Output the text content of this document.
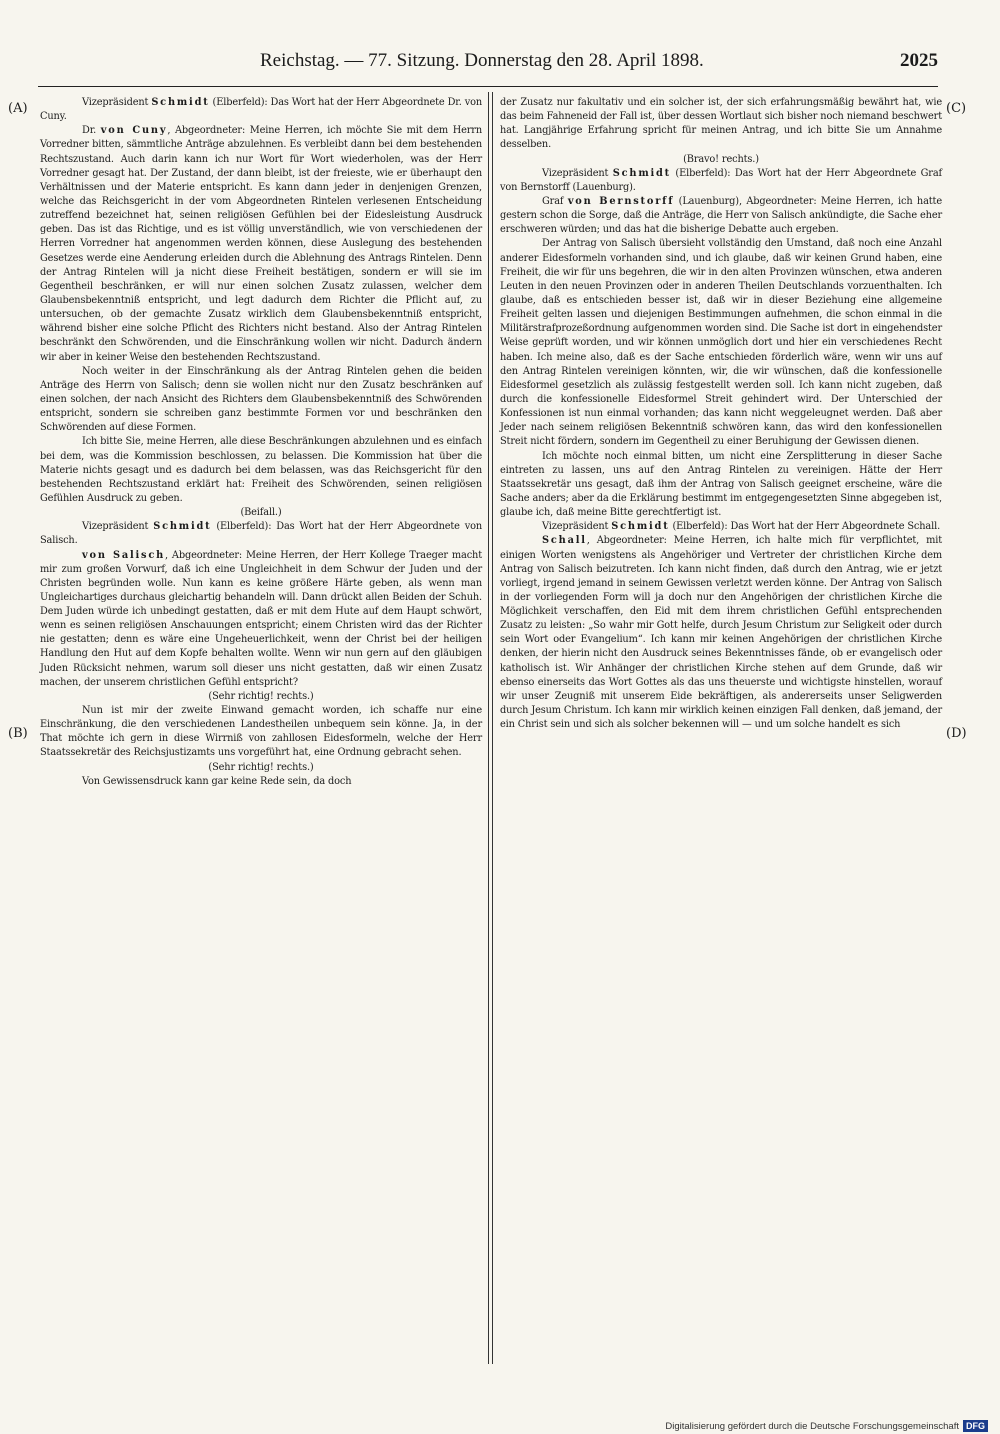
Reichstag. — 77. Sitzung. Donnerstag den 28. April 1898.	2025
(A)
(B)
(C)
(D)

Vizepräsident Schmidt (Elberfeld): Das Wort hat der Herr Abgeordnete Dr. von Cuny.

Dr. von Cuny, Abgeordneter: Meine Herren, ich möchte Sie mit dem Herrn Vorredner bitten, sämmtliche Anträge abzulehnen. Es verbleibt dann bei dem bestehenden Rechtszustand. Auch darin kann ich nur Wort für Wort wiederholen, was der Herr Vorredner gesagt hat. Der Zustand, der dann bleibt, ist der freieste, wie er überhaupt den Verhältnissen und der Materie entspricht. Es kann dann jeder in denjenigen Grenzen, welche das Reichsgericht in der vom Abgeordneten Rintelen verlesenen Entscheidung zutreffend bezeichnet hat, seinen religiösen Gefühlen bei der Eidesleistung Ausdruck geben. Das ist das Richtige, und es ist völlig unverständlich, wie von verschiedenen der Herren Vorredner hat angenommen werden können, diese Auslegung des bestehenden Gesetzes werde eine Aenderung erleiden durch die Ablehnung des Antrags Rintelen. Denn der Antrag Rintelen will ja nicht diese Freiheit bestätigen, sondern er will sie im Gegentheil beschränken, er will nur einen solchen Zusatz zulassen, welcher dem Glaubensbekenntniß entspricht, und legt dadurch dem Richter die Pflicht auf, zu untersuchen, ob der gemachte Zusatz wirklich dem Glaubensbekenntniß entspricht, während bisher eine solche Pflicht des Richters nicht bestand. Also der Antrag Rintelen beschränkt den Schwörenden, und die Einschränkung wollen wir nicht. Dadurch ändern wir aber in keiner Weise den bestehenden Rechtszustand.

Noch weiter in der Einschränkung als der Antrag Rintelen gehen die beiden Anträge des Herrn von Salisch; denn sie wollen nicht nur den Zusatz beschränken auf einen solchen, der nach Ansicht des Richters dem Glaubensbekenntniß des Schwörenden entspricht, sondern sie schreiben ganz bestimmte Formen vor und beschränken den Schwörenden auf diese Formen.

Ich bitte Sie, meine Herren, alle diese Beschränkungen abzulehnen und es einfach bei dem, was die Kommission beschlossen, zu belassen. Die Kommission hat über die Materie nichts gesagt und es dadurch bei dem belassen, was das Reichsgericht für den bestehenden Rechtszustand erklärt hat: Freiheit des Schwörenden, seinen religiösen Gefühlen Ausdruck zu geben.

(Beifall.)

Vizepräsident Schmidt (Elberfeld): Das Wort hat der Herr Abgeordnete von Salisch.

von Salisch, Abgeordneter: Meine Herren, der Herr Kollege Traeger macht mir zum großen Vorwurf, daß ich eine Ungleichheit in dem Schwur der Juden und der Christen begründen wolle. Nun kann es keine größere Härte geben, als wenn man Ungleichartiges durchaus gleichartig behandeln will. Dann drückt allen Beiden der Schuh. Dem Juden würde ich unbedingt gestatten, daß er mit dem Hute auf dem Haupt schwört, wenn es seinen religiösen Anschauungen entspricht; einem Christen wird das der Richter nie gestatten; denn es wäre eine Ungeheuerlichkeit, wenn der Christ bei der heiligen Handlung den Hut auf dem Kopfe behalten wollte. Wenn wir nun gern auf den gläubigen Juden Rücksicht nehmen, warum soll dieser uns nicht gestatten, daß wir einen Zusatz machen, der unserem christlichen Gefühl entspricht?

(Sehr richtig! rechts.)

Nun ist mir der zweite Einwand gemacht worden, ich schaffe nur eine Einschränkung, die den verschiedenen Landestheilen unbequem sein könne. Ja, in der That möchte ich gern in diese Wirrniß von zahllosen Eidesformeln, welche der Herr Staatssekretär des Reichsjustizamts uns vorgeführt hat, eine Ordnung gebracht sehen.

(Sehr richtig! rechts.)

Von Gewissensdruck kann gar keine Rede sein, da doch

der Zusatz nur fakultativ und ein solcher ist, der sich erfahrungsmäßig bewährt hat, wie das beim Fahneneid der Fall ist, über dessen Wortlaut sich bisher noch niemand beschwert hat. Langjährige Erfahrung spricht für meinen Antrag, und ich bitte Sie um Annahme desselben.

(Bravo! rechts.)

Vizepräsident Schmidt (Elberfeld): Das Wort hat der Herr Abgeordnete Graf von Bernstorff (Lauenburg).

Graf von Bernstorff (Lauenburg), Abgeordneter: Meine Herren, ich hatte gestern schon die Sorge, daß die Anträge, die Herr von Salisch ankündigte, die Sache eher erschweren würden; und das hat die bisherige Debatte auch ergeben.

Der Antrag von Salisch übersieht vollständig den Umstand, daß noch eine Anzahl anderer Eidesformeln vorhanden sind, und ich glaube, daß wir keinen Grund haben, eine Freiheit, die wir für uns begehren, die wir in den alten Provinzen wünschen, etwa anderen Leuten in den neuen Provinzen oder in anderen Theilen Deutschlands vorzuenthalten. Ich glaube, daß es entschieden besser ist, daß wir in dieser Beziehung eine allgemeine Freiheit gelten lassen und diejenigen Bestimmungen aufnehmen, die schon einmal in die Militärstrafprozeßordnung aufgenommen worden sind. Die Sache ist dort in eingehendster Weise geprüft worden, und wir können unmöglich dort und hier ein verschiedenes Recht haben. Ich meine also, daß es der Sache entschieden förderlich wäre, wenn wir uns auf den Antrag Rintelen vereinigen könnten, wir, die wir wünschen, daß die konfessionelle Eidesformel gesetzlich als zulässig festgestellt werden soll. Ich kann nicht zugeben, daß durch die konfessionelle Eidesformel Streit gehindert wird. Der Unterschied der Konfessionen ist nun einmal vorhanden; das kann nicht weggeleugnet werden. Daß aber Jeder nach seinem religiösen Bekenntniß schwören kann, das wird den konfessionellen Streit nicht fördern, sondern im Gegentheil zu einer Beruhigung der Gewissen dienen.

Ich möchte noch einmal bitten, um nicht eine Zersplitterung in dieser Sache eintreten zu lassen, uns auf den Antrag Rintelen zu vereinigen. Hätte der Herr Staatssekretär uns gesagt, daß ihm der Antrag von Salisch geeignet erscheine, wäre die Sache anders; aber da die Erklärung bestimmt im entgegengesetzten Sinne abgegeben ist, glaube ich, daß meine Bitte gerechtfertigt ist.

Vizepräsident Schmidt (Elberfeld): Das Wort hat der Herr Abgeordnete Schall.

Schall, Abgeordneter: Meine Herren, ich halte mich für verpflichtet, mit einigen Worten wenigstens als Angehöriger und Vertreter der christlichen Kirche dem Antrag von Salisch beizutreten. Ich kann nicht finden, daß durch den Antrag, wie er jetzt vorliegt, irgend jemand in seinem Gewissen verletzt werden könne. Der Antrag von Salisch in der vorliegenden Form will ja doch nur den Angehörigen der christlichen Kirche die Möglichkeit verschaffen, den Eid mit dem ihrem christlichen Gefühl entsprechenden Zusatz zu leisten: „So wahr mir Gott helfe, durch Jesum Christum zur Seligkeit oder durch sein Wort oder Evangelium“. Ich kann mir keinen Angehörigen der christlichen Kirche denken, der hierin nicht den Ausdruck seines Bekenntnisses fände, ob er evangelisch oder katholisch ist. Wir Anhänger der christlichen Kirche stehen auf dem Grunde, daß wir ebenso einerseits das Wort Gottes als das uns theuerste und wichtigste hinstellen, worauf wir unser Zeugniß mit unserem Eide bekräftigen, als andererseits unser Seligwerden durch Jesum Christum. Ich kann mir wirklich keinen einzigen Fall denken, daß jemand, der ein Christ sein und sich als solcher bekennen will — und um solche handelt es sich

Digitalisierung gefördert durch die Deutsche Forschungsgemeinschaft DFG
